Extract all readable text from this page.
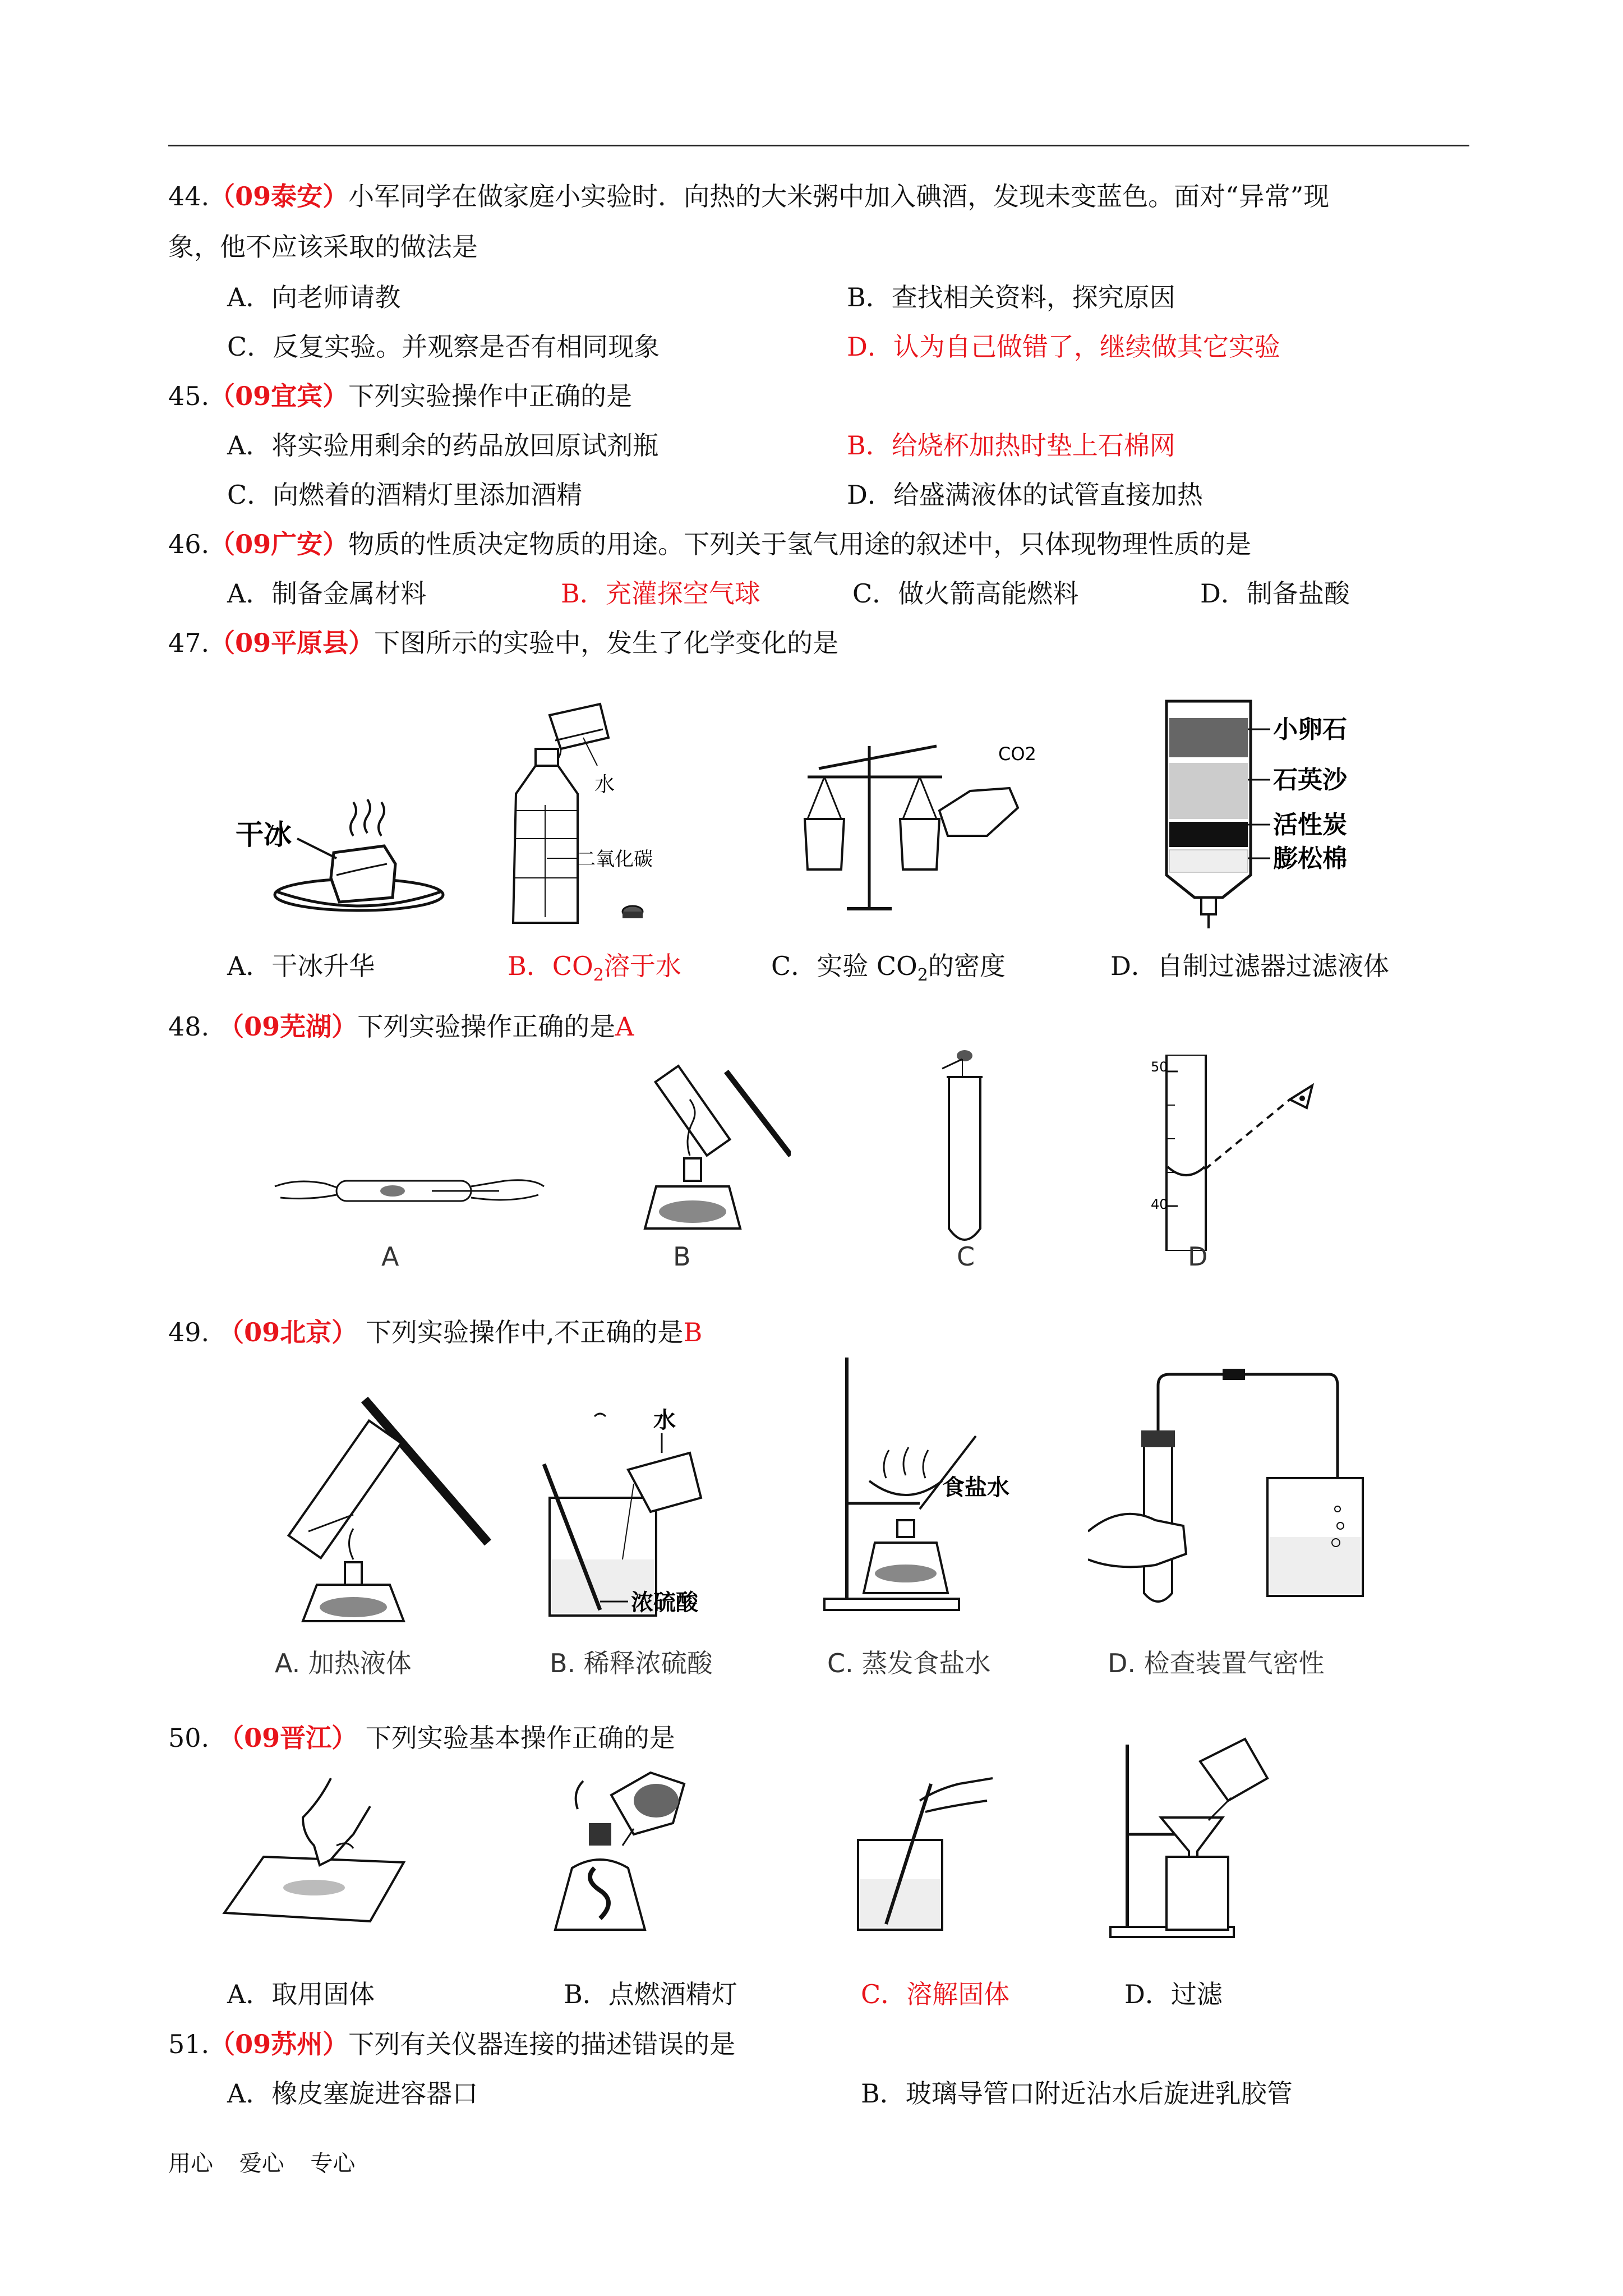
44.（09泰安）小军同学在做家庭小实验时．向热的大米粥中加入碘酒，发现未变蓝色。面对“异常”现
象，他不应该采取的做法是
A．向老师请教	B．查找相关资料，探究原因
C．反复实验。并观察是否有相同现象	D．认为自己做错了，继续做其它实验
45.（09宜宾）下列实验操作中正确的是
A．将实验用剩余的药品放回原试剂瓶	B．给烧杯加热时垫上石棉网
C．向燃着的酒精灯里添加酒精	D．给盛满液体的试管直接加热
46.（09广安）物质的性质决定物质的用途。下列关于氢气用途的叙述中，只体现物理性质的是
A．制备金属材料	B．充灌探空气球	C．做火箭高能燃料	D．制备盐酸
47.（09平原县）下图所示的实验中，发生了化学变化的是
干冰
水
二氧化碳
CO2
小卵石
石英沙
活性炭
膨松棉
A．干冰升华	B．$CO_2$溶于水	C．实验 $CO_2$的密度	D．自制过滤器过滤液体
48. （09芜湖）下列实验操作正确的是A
50
40
A	B	C	D
49. （09北京） 下列实验操作中,不正确的是B
水
浓硫酸
食盐水
A. 加热液体	B. 稀释浓硫酸	C. 蒸发食盐水	D. 检查装置气密性
50. （09晋江） 下列实验基本操作正确的是
A．取用固体	B．点燃酒精灯	C．溶解固体	D．过滤
51.（09苏州）下列有关仪器连接的描述错误的是
A．橡皮塞旋进容器口	B．玻璃导管口附近沾水后旋进乳胶管
用心 爱心 专心
